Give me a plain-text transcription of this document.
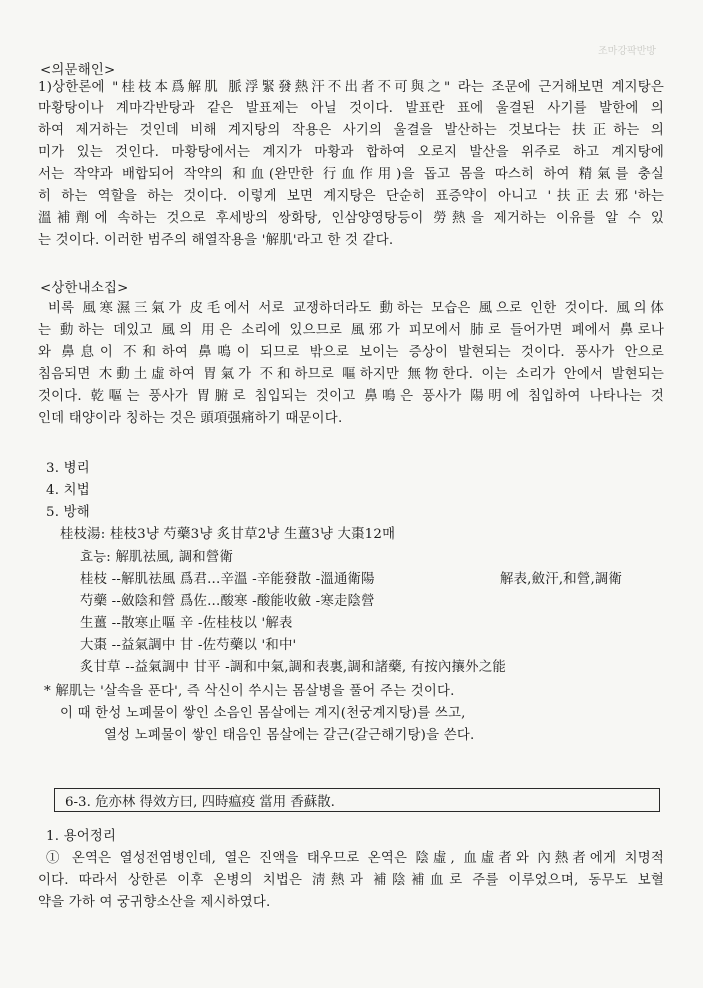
조마강팍반방
<의문해인>
1)상한론에 "桂枝本爲解肌 脈浮緊發熱汗不出者不可與之" 라는 조문에 근거해보면 계지탕은
마황탕이나 계마각반탕과 같은 발표제는 아닐 것이다. 발표란 표에 울결된 사기를 발한에 의
하여 제거하는 것인데 비해 계지탕의 작용은 사기의 울결을 발산하는 것보다는 扶正하는 의
미가 있는 것인다. 마황탕에서는 계지가 마황과 합하여 오로지 발산을 위주로 하고 계지탕에
서는 작약과 배합되어 작약의 和血(완만한 行血作用)을 돕고 몸을 따스히 하여 精氣를 충실
히 하는 역할을 하는 것이다. 이렇게 보면 계지탕은 단순히 표증약이 아니고 '扶正去邪'하는
溫補劑에 속하는 것으로 후세방의 쌍화탕, 인삼양영탕등이 勞熱을 제거하는 이유를 알 수 있
는 것이다. 이러한 범주의 해열작용을 '解肌'라고 한 것 같다.
<상한내소집>
비록 風寒濕三氣가 皮毛에서 서로 교쟁하더라도 動하는 모습은 風으로 인한 것이다. 風의体
는 動하는 데있고 風의 用은 소리에 있으므로 風邪가 피모에서 肺로 들어가면 폐에서 鼻로나
와 鼻息이 不和하여 鼻鳴이 되므로 밖으로 보이는 증상이 발현되는 것이다. 풍사가 안으로
침음되면 木動土虛하여 胃氣가 不和하므로 嘔하지만 無物한다. 이는 소리가 안에서 발현되는
것이다. 乾嘔는 풍사가 胃腑로 침입되는 것이고 鼻鳴은 풍사가 陽明에 침입하여 나타나는 것
인데 태양이라 칭하는 것은 頭項强痛하기 때문이다.
3. 병리
4. 치법
5. 방해
桂枝湯: 桂枝3냥 芍藥3냥 炙甘草2냥 生薑3냥 大棗12매
효능: 解肌祛風, 調和營衛
桂枝 --解肌祛風 爲君...辛溫 -辛能發散 -溫通衛陽	解表,斂汗,和營,調衛
芍藥 --斂陰和營 爲佐...酸寒 -酸能收斂 -寒走陰營
生薑 --散寒止嘔 辛 -佐桂枝以 '解表
大棗 --益氣調中 甘 -佐芍藥以 '和中'
炙甘草 --益氣調中 甘平 -調和中氣,調和表裏,調和諸藥, 有按內攘外之能
* 解肌는 '살속을 푼다', 즉 삭신이 쑤시는 몸살병을 풀어 주는 것이다.
이 때 한성 노폐물이 쌓인 소음인 몸살에는 계지(천궁계지탕)를 쓰고,
열성 노폐물이 쌓인 태음인 몸살에는 갈근(갈근해기탕)을 쓴다.
6-3. 危亦林 得效方曰, 四時瘟疫 當用 香蘇散.
1. 용어정리
① 온역은 열성전염병인데, 열은 진액을 태우므로 온역은 陰虛, 血虛者와 內熱者에게 치명적
이다. 따라서 상한론 이후 온병의 치법은 淸熱과 補陰補血로 주를 이루었으며, 동무도 보혈
약을 가하 여 궁귀향소산을 제시하였다.
